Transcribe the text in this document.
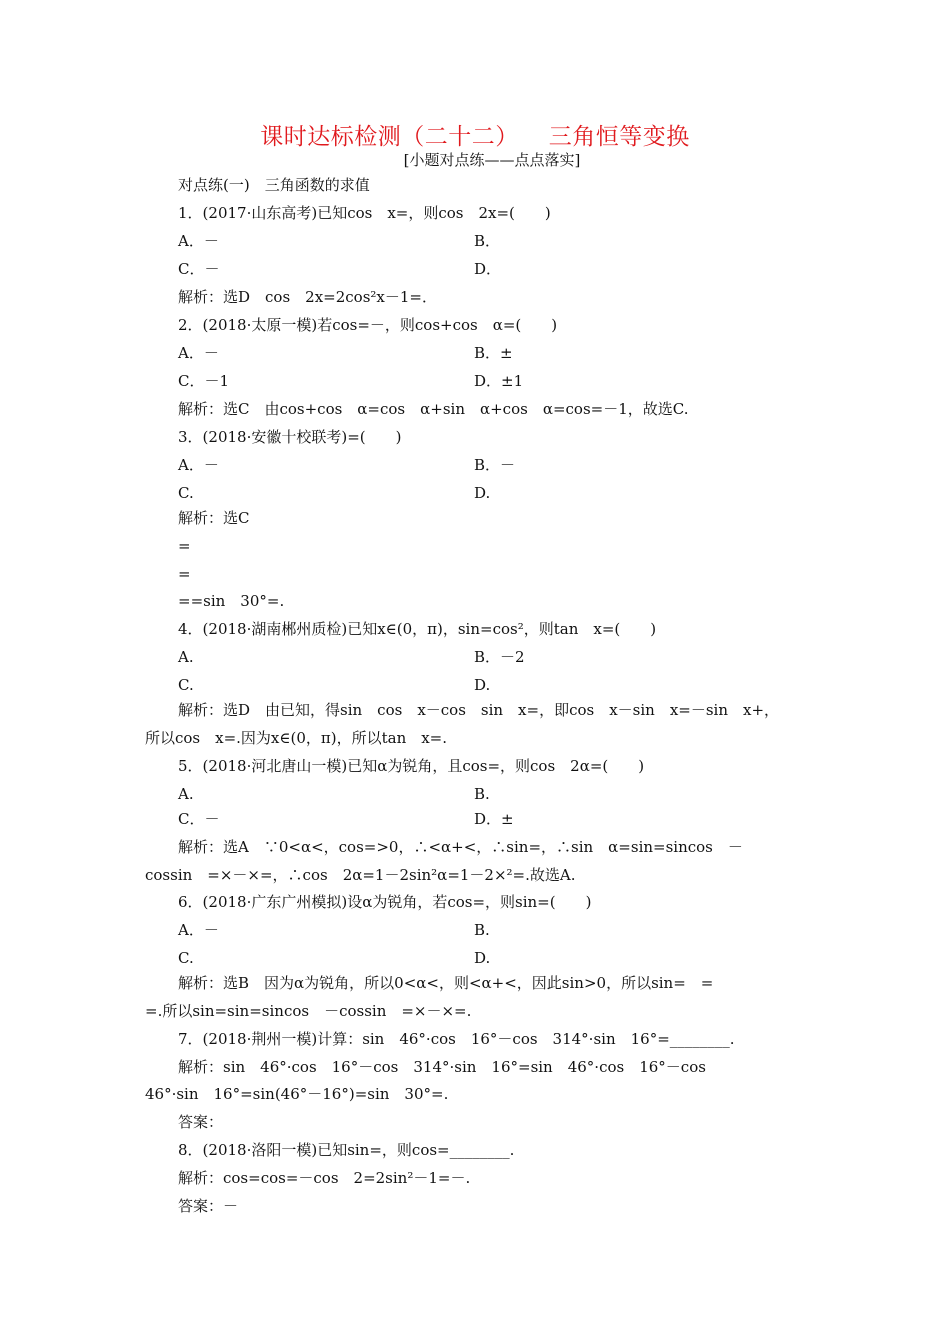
课时达标检测（二十二） 三角恒等变换
[小题对点练——点点落实]
对点练(一)　三角函数的求值
1．(2017·山东高考)已知cos　x=，则cos　2x=(　　)
A．－	B．
C．－	D．
解析：选D　cos　2x=2cos²x－1=．
2．(2018·太原一模)若cos=－，则cos+cos　α=(　　)
A．－	B．±
C．－1	D．±1
解析：选C　由cos+cos　α=cos　α+sin　α+cos　α=cos=－1，故选C.
3．(2018·安徽十校联考)=(　　)
A．－	B．－
C.	D.
解析：选C
=
=
==sin　30°=.
4．(2018·湖南郴州质检)已知x∈(0，π)，sin=cos²，则tan　x=(　　)
A.	B．－2
C.	D.
解析：选D　由已知，得sin　cos　x－cos　sin　x=，即cos　x－sin　x=－sin　x+，
所以cos　x=.因为x∈(0，π)，所以tan　x=.
5．(2018·河北唐山一模)已知α为锐角，且cos=，则cos　2α=(　　)
A.	B.
C．－	D．±
解析：选A　∵0<α<，cos=>0，∴<α+<，∴sin=，∴sin　α=sin=sincos　－
cossin　=×－×=，∴cos　2α=1－2sin²α=1－2×²=.故选A.
6．(2018·广东广州模拟)设α为锐角，若cos=，则sin=(　　)
A．－	B.
C.	D.
解析：选B　因为α为锐角，所以0<α<，则<α+<，因此sin>0，所以sin=　=
=.所以sin=sin=sincos　－cossin　=×－×=.
7．(2018·荆州一模)计算：sin　46°·cos　16°－cos　314°·sin　16°=________.
解析：sin　46°·cos　16°－cos　314°·sin　16°=sin　46°·cos　16°－cos
46°·sin　16°=sin(46°－16°)=sin　30°=.
答案：
8．(2018·洛阳一模)已知sin=，则cos=________.
解析：cos=cos=－cos　2=2sin²－1=－.
答案：－
